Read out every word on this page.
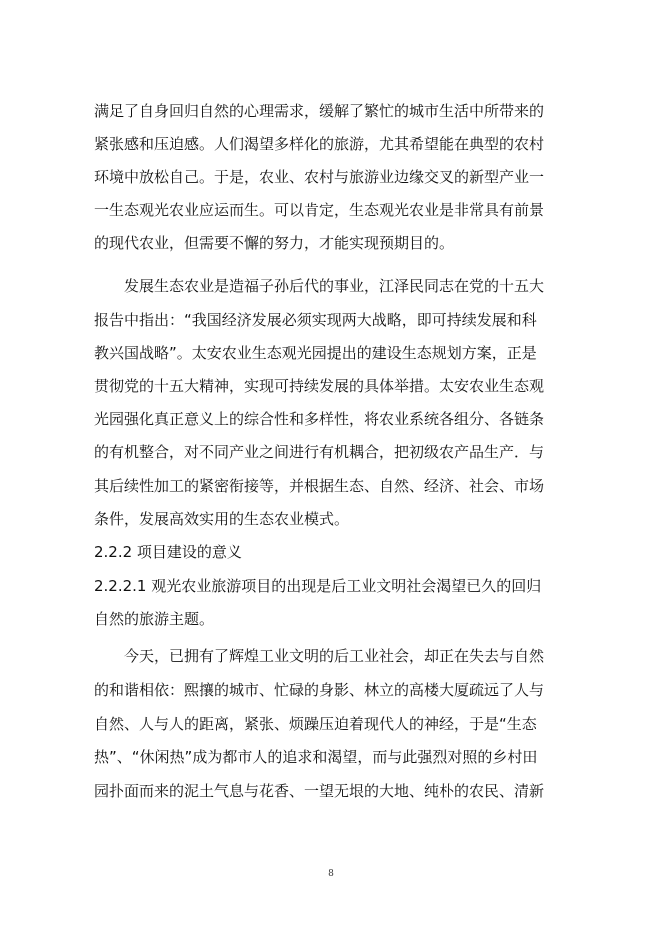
满足了自身回归自然的心理需求，缓解了繁忙的城市生活中所带来的
紧张感和压迫感。人们渴望多样化的旅游，尤其希望能在典型的农村
环境中放松自己。于是，农业、农村与旅游业边缘交叉的新型产业一
一生态观光农业应运而生。可以肯定，生态观光农业是非常具有前景
的现代农业，但需要不懈的努力，才能实现预期目的。
发展生态农业是造福子孙后代的事业，江泽民同志在党的十五大
报告中指出：“我国经济发展必须实现两大战略，即可持续发展和科
教兴国战略”。太安农业生态观光园提出的建设生态规划方案，正是
贯彻党的十五大精神，实现可持续发展的具体举措。太安农业生态观
光园强化真正意义上的综合性和多样性，将农业系统各组分、各链条
的有机整合，对不同产业之间进行有机耦合，把初级农产品生产．与
其后续性加工的紧密衔接等，并根据生态、自然、经济、社会、市场
条件，发展高效实用的生态农业模式。
2.2.2 项目建设的意义
2.2.2.1 观光农业旅游项目的出现是后工业文明社会渴望已久的回归
自然的旅游主题。
今天，已拥有了辉煌工业文明的后工业社会，却正在失去与自然
的和谐相依：熙攘的城市、忙碌的身影、林立的高楼大厦疏远了人与
自然、人与人的距离，紧张、烦躁压迫着现代人的神经，于是“生态
热”、“休闲热”成为都市人的追求和渴望，而与此强烈对照的乡村田
园扑面而来的泥土气息与花香、一望无垠的大地、纯朴的农民、清新
8
